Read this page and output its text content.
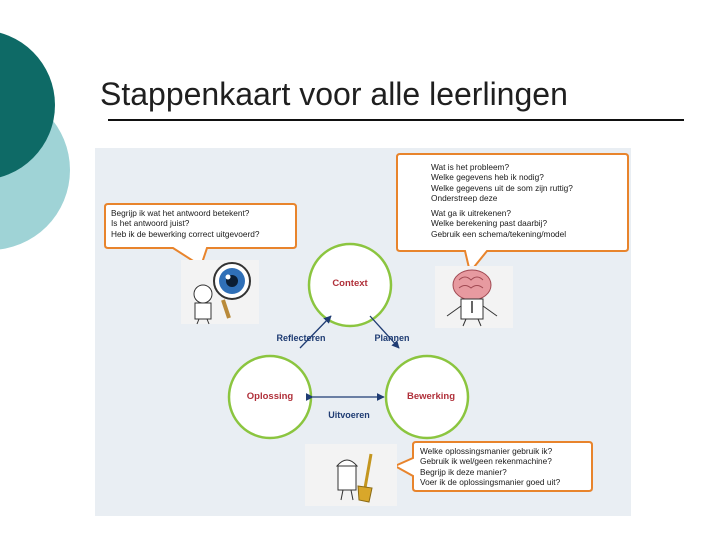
Stappenkaart voor alle leerlingen
Wat is het probleem?
Welke gegevens heb ik nodig?
Welke gegevens uit de som zijn ruttig?
Onderstreep deze
Wat ga ik uitrekenen?
Welke berekening past daarbij?
Gebruik een schema/tekening/model
Begrijp ik wat het antwoord betekent?
Is het antwoord juist?
Heb ik de bewerking correct uitgevoerd?
Welke oplossingsmanier gebruik ik?
Gebruik ik wel/geen rekenmachine?
Begrijp ik deze manier?
Voer ik de oplossingsmanier goed uit?
Context
Oplossing	Bewerking
Reflecteren	Plannen
Uitvoeren
